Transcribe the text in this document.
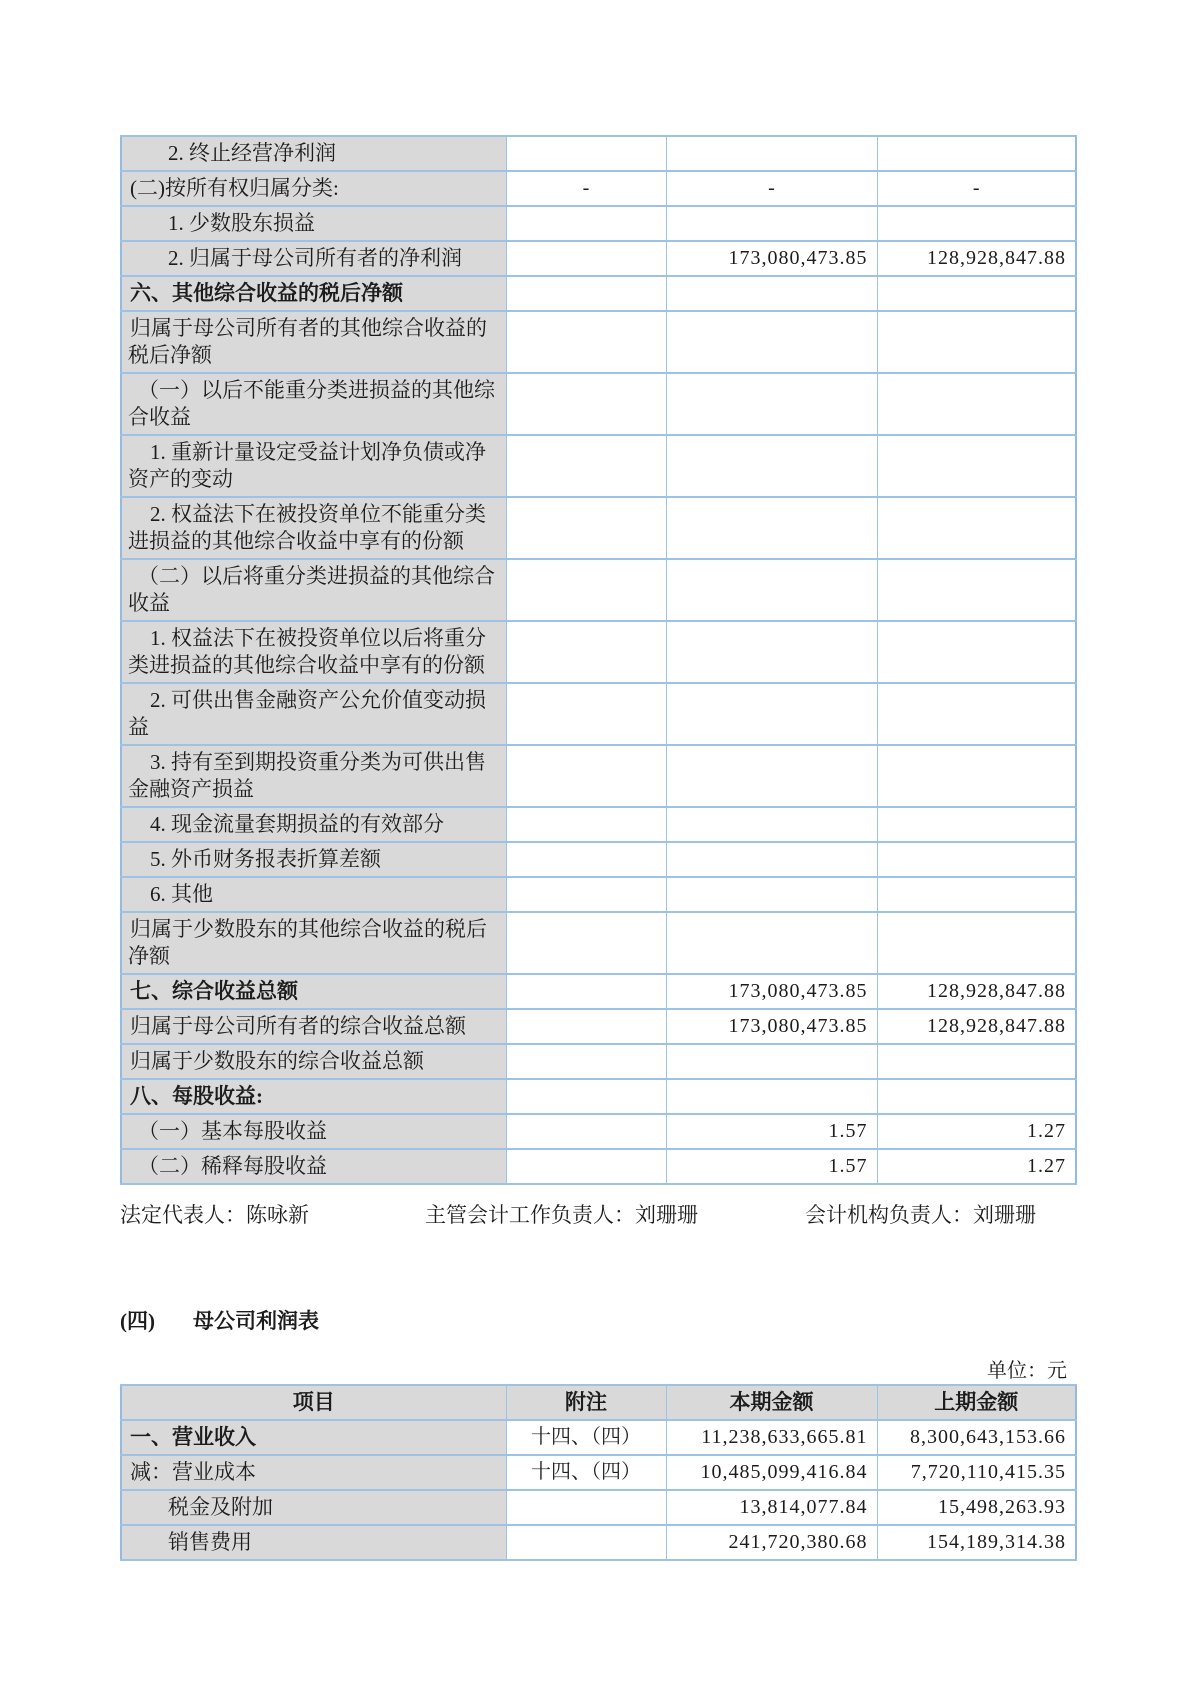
2. 终止经营净利润			
(二)按所有权归属分类:	-	-	-
1. 少数股东损益			
2. 归属于母公司所有者的净利润		173,080,473.85	128,928,847.88
六、其他综合收益的税后净额			
归属于母公司所有者的其他综合收益的税后净额			
（一）以后不能重分类进损益的其他综合收益			
1. 重新计量设定受益计划净负债或净资产的变动			
2. 权益法下在被投资单位不能重分类进损益的其他综合收益中享有的份额			
（二）以后将重分类进损益的其他综合收益			
1. 权益法下在被投资单位以后将重分类进损益的其他综合收益中享有的份额			
2. 可供出售金融资产公允价值变动损益			
3. 持有至到期投资重分类为可供出售金融资产损益			
4. 现金流量套期损益的有效部分			
5. 外币财务报表折算差额			
6. 其他			
归属于少数股东的其他综合收益的税后净额			
七、综合收益总额		173,080,473.85	128,928,847.88
归属于母公司所有者的综合收益总额		173,080,473.85	128,928,847.88
归属于少数股东的综合收益总额			
八、每股收益:			
（一）基本每股收益		1.57	1.27
（二）稀释每股收益		1.57	1.27
法定代表人：陈咏新	主管会计工作负责人：刘珊珊	会计机构负责人：刘珊珊
(四) 母公司利润表
单位：元
项目	附注	本期金额	上期金额
一、营业收入	十四、（四）	11,238,633,665.81	8,300,643,153.66
减：营业成本	十四、（四）	10,485,099,416.84	7,720,110,415.35
税金及附加		13,814,077.84	15,498,263.93
销售费用		241,720,380.68	154,189,314.38
